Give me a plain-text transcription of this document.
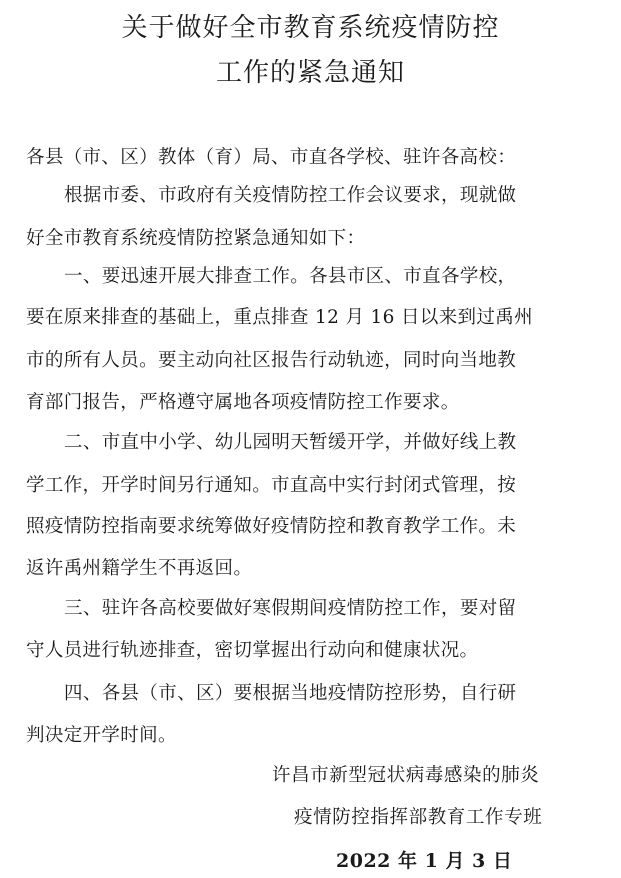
关于做好全市教育系统疫情防控
工作的紧急通知
各县（市、区）教体（育）局、市直各学校、驻许各高校：
根据市委、市政府有关疫情防控工作会议要求，现就做
好全市教育系统疫情防控紧急通知如下：
一、要迅速开展大排查工作。各县市区、市直各学校，
要在原来排查的基础上，重点排查 12 月 16 日以来到过禹州
市的所有人员。要主动向社区报告行动轨迹，同时向当地教
育部门报告，严格遵守属地各项疫情防控工作要求。
二、市直中小学、幼儿园明天暂缓开学，并做好线上教
学工作，开学时间另行通知。市直高中实行封闭式管理，按
照疫情防控指南要求统筹做好疫情防控和教育教学工作。未
返许禹州籍学生不再返回。
三、驻许各高校要做好寒假期间疫情防控工作，要对留
守人员进行轨迹排查，密切掌握出行动向和健康状况。
四、各县（市、区）要根据当地疫情防控形势，自行研
判决定开学时间。
许昌市新型冠状病毒感染的肺炎
疫情防控指挥部教育工作专班
2022 年 1 月 3 日
